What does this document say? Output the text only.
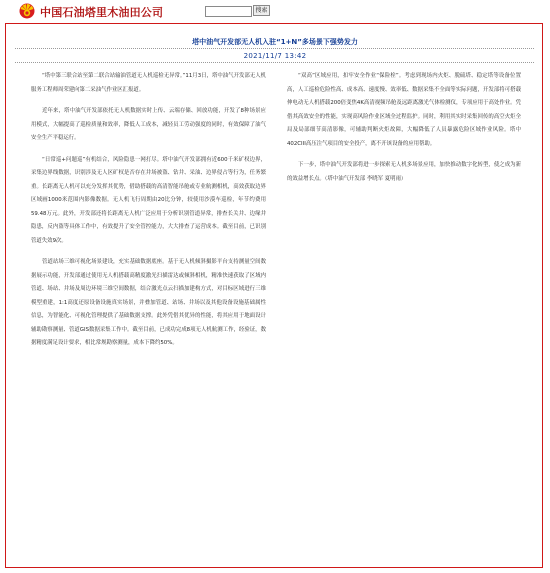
中国石油塔里木油田公司	搜索
塔中油气开发部无人机入驻“1+N”多场景下强势发力
2021/11/7 13:42

“塔中第三联合站至第二联合站输油管道无人机巡检无异常。”11月3日，塔中油气开发部无人机服务工程师周荣建向第二采油气作业区汇报道。

近年来，塔中油气开发部依托无人机数据实时上传、云端存储、回放功能，开发了8种场景应用模式，大幅提高了巡检质量和效率，降低人工成本，减轻员工劳动强度的同时，有效保障了油气安全生产平稳运行。

“日常巡+问题巡”有机结合，风险隐患一网打尽。塔中油气开发部拥有近600千米矿权边界，采集边界线数据，识别涉及无人区矿权是否存在井场被盗、钻井、采油、边界侵占等行为，任务繁重。长距离无人机可以充分发挥其优势，借助搭载的高清智能吊舱或专业航测相机，高效获取边界区域画1000米范围内影像数据。无人机飞行周期由20比分钟，较使用沙漠车巡检，年节约费用59.48万元。此外，开发部还将长距离无人机广泛应用于分析识别管道异常，排查长关井、边缘井隐患，反内盗等具体工作中，有效提升了安全管控能力，大大排查了运营成本。截至目前，已识别管道失效9次。

管道站场三维可视化场景建设，充实基础数据底座。基于无人机倾斜摄影平台支持测量空间数据展示功能，开发部通过使用无人机搭载高精度激光扫描雷达或倾斜相机，精准快速获取了区域内管道、场站、井场及周边环境三维空间数据，结合激光点云扫描加建构方式，对目标区域进行三维模型重建，1:1高度还原设备设施真实场景，并叠加管道、站场、井场以及其他设备设施基础属性信息，为智能化、可视化管理提供了基础数据支撑。此外凭借其优异的性能，将其应用于地面设计辅助勘察测量、管道GIS数据采集工作中。截至目前，已成功完成8项无人机航测工作，经验证，数据精度满足设计要求，相比常规勘察测量，成本下降约50%。

“双高”区域应用，扣牢安全作业“保险栓”。考虑到现场内火炬、脱硫塔、稳定塔等设备位置高，人工巡检危险性高、成本高、速度慢、效率低、数据采集不全面等实际问题，开发部将可搭载伸电动无人机搭载200倍变焦4K高清视频吊舱及远距离激光气体检测仪，专项应用于高处作业。凭借其高效安全的性能，实现高风险作业区域全过程监护。同时，利用其实时采集回传的高空火炬全局及局部细节高清影像，可辅助判断火炬故障，大幅降低了人员暴露危险区域作业风险。塔中402CIII高压注气项目的安全投产，离不开该设备的应用帮助。

下一步，塔中油气开发部将进一步探索无人机多场景应用，加快推动数字化转型，使之成为新的效益增长点。（塔中油气开发部 李晓军 夏明雨）
